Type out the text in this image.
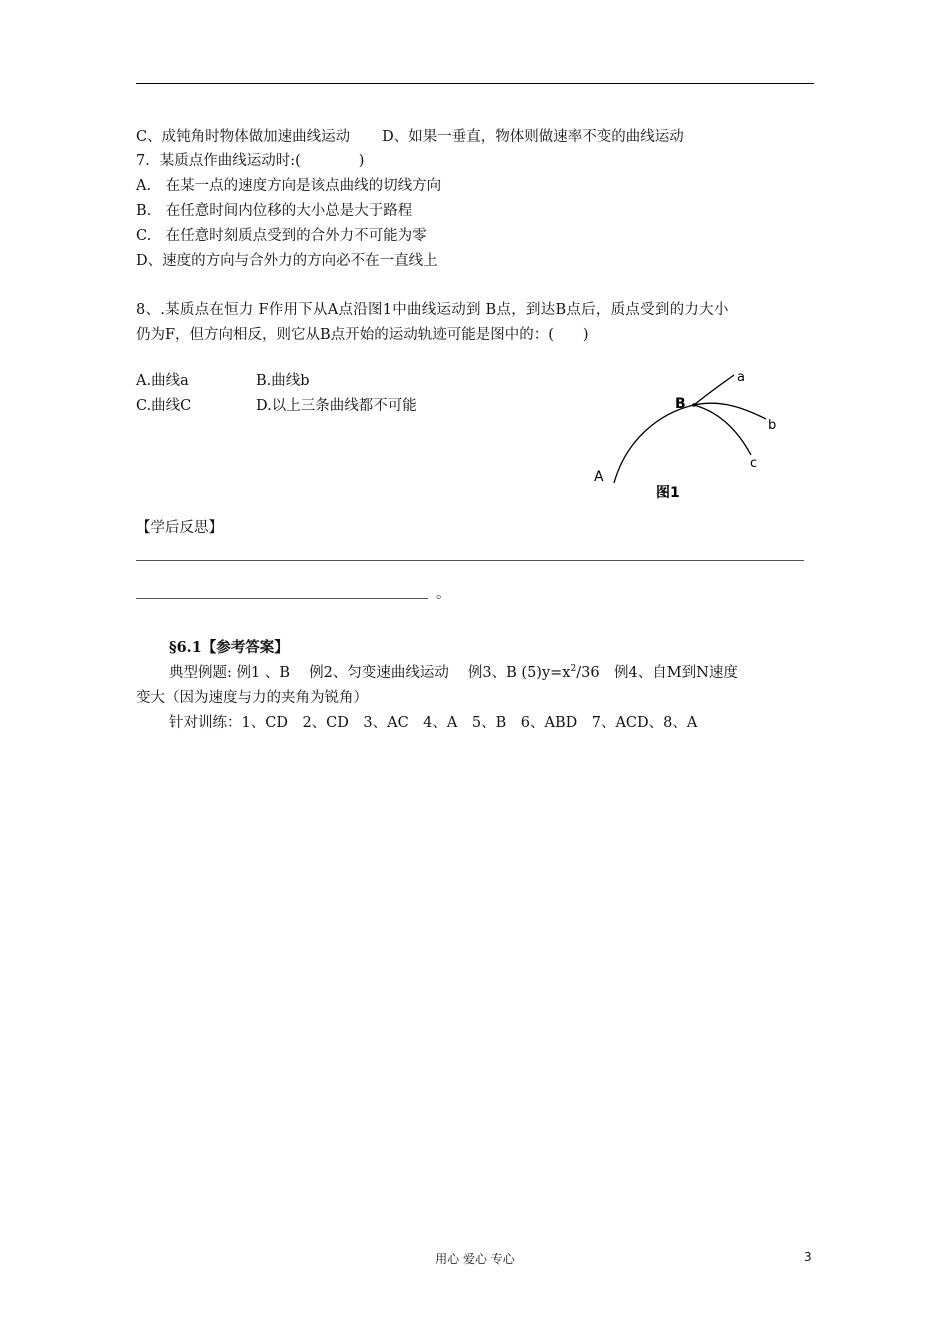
C、成钝角时物体做加速曲线运动 D、如果一垂直，物体则做速率不变的曲线运动
7．某质点作曲线运动时:(　　　　)
A.　在某一点的速度方向是该点曲线的切线方向
B.　在任意时间内位移的大小总是大于路程
C.　在任意时刻质点受到的合外力不可能为零
D、速度的方向与合外力的方向必不在一直线上
8、.某质点在恒力 F作用下从A点沿图1中曲线运动到 B点，到达B点后，质点受到的力大小
仍为F，但方向相反，则它从B点开始的运动轨迹可能是图中的：(　　)
A.曲线a	B.曲线b
C.曲线C	D.以上三条曲线都不可能
A
B
a
b
c
图1
【学后反思】
。
§6.1【参考答案】
典型例题: 例1 、B　 例2、匀变速曲线运动　 例3、B $(5)y=x^2/36$　例4、自M到N速度
变大（因为速度与力的夹角为锐角）
针对训练：1、CD　2、CD　3、AC　4、A　5、B　6、ABD　7、ACD、8、A
用心 爱心 专心	3
